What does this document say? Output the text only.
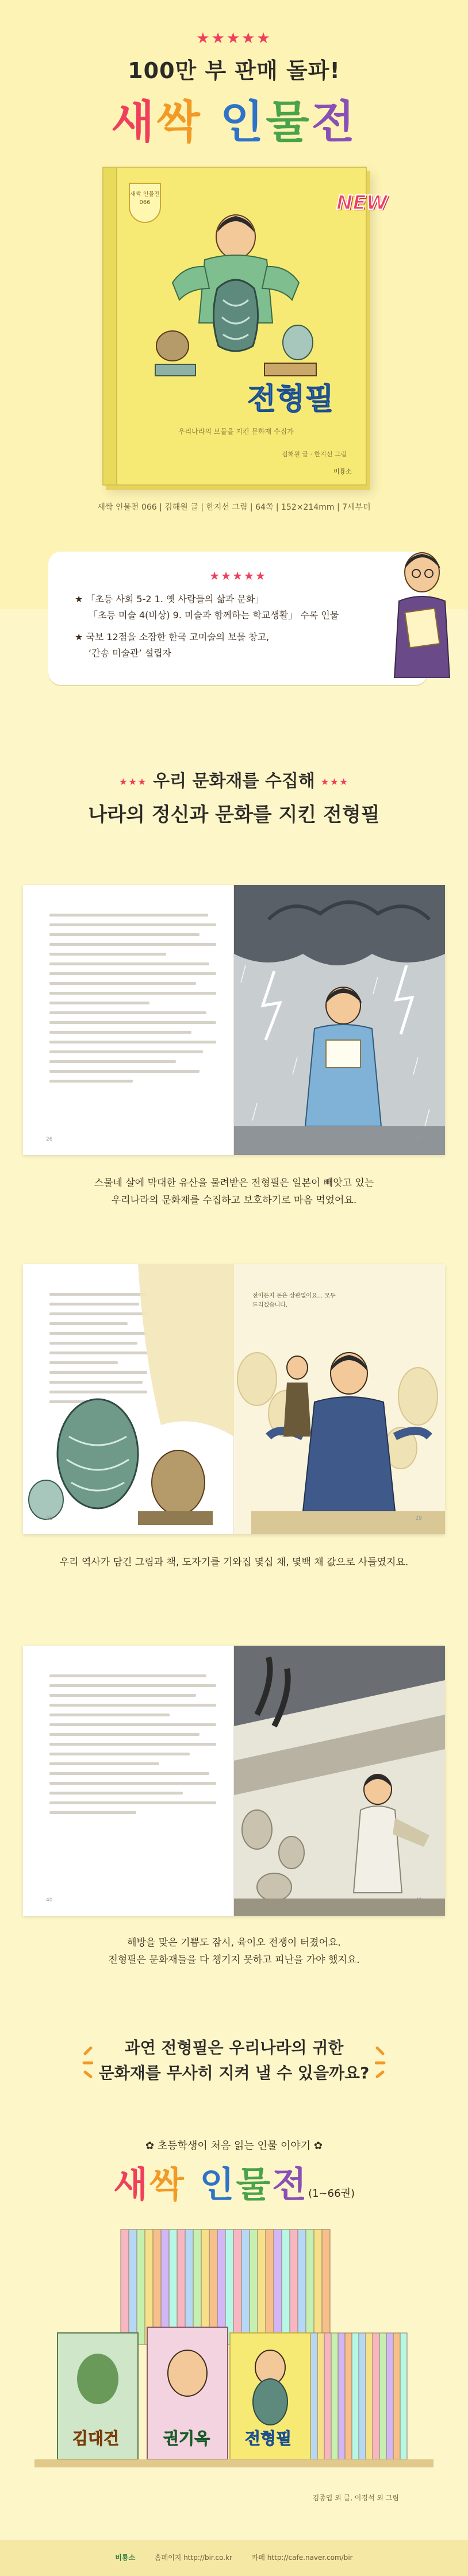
★★★★★
100만 부 판매 돌파!
새싹 인물전
새싹 인물전 066
전형필
우리나라의 보물을 지킨 문화재 수집가
김해원 글 · 한지선 그림
비룡소
NEW
새싹 인물전 066 | 김해원 글 | 한지선 그림 | 64쪽 | 152×214mm | 7세부터
★★★★★
★ 「초등 사회 5-2 1. 옛 사람들의 삶과 문화」
「초등 미술 4(비상) 9. 미술과 함께하는 학교생활」 수록 인물
★ 국보 12점을 소장한 한국 고미술의 보물 창고,
‘간송 미술관’ 설립자
★★★ 우리 문화재를 수집해 ★★★
나라의 정신과 문화를 지킨 전형필
26	27
스물네 살에 막대한 유산을 물려받은 전형필은 일본이 빼앗고 있는
우리나라의 문화재를 수집하고 보호하기로 마음 먹었어요.
28
전이든지 돈은 상관없어요... 모두 드리겠습니다.
29
우리 역사가 담긴 그림과 책, 도자기를 기와집 몇십 채, 몇백 채 값으로 사들였지요.
40	41
해방을 맞은 기쁨도 잠시, 육이오 전쟁이 터졌어요.
전형필은 문화재들을 다 챙기지 못하고 피난을 가야 했지요.
과연 전형필은 우리나라의 귀한
문화재를 무사히 지켜 낼 수 있을까요?
✿ 초등학생이 처음 읽는 인물 이야기 ✿
새싹 인물전(1~66권)
김대건	권기옥 전형필
김종엽 외 글, 이경석 외 그림
비룡소	홈페이지 http://bir.co.kr	카페 http://cafe.naver.com/bir
